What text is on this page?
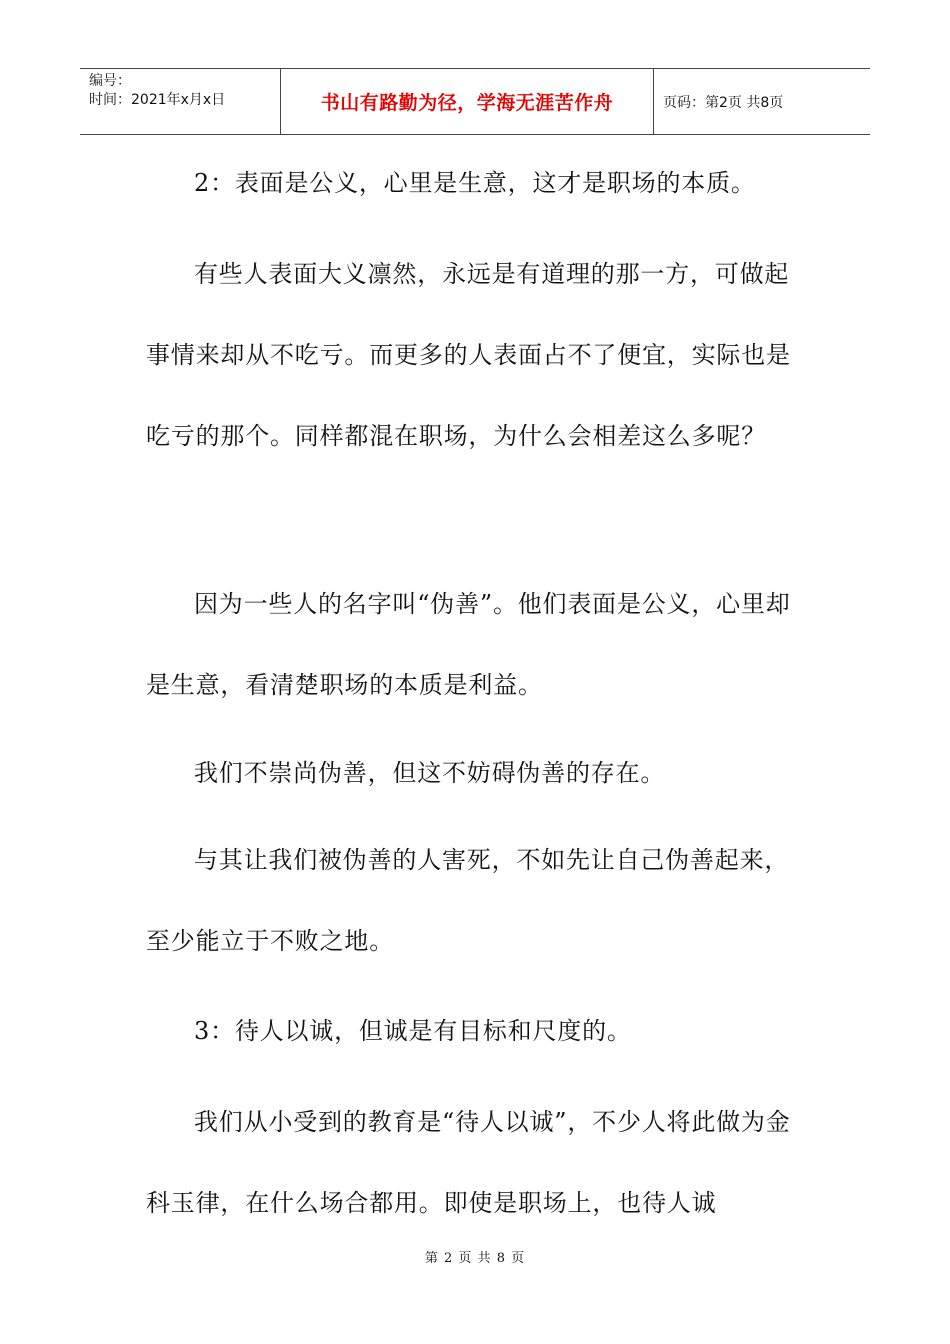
编号：
时间：2021年x月x日	书山有路勤为径，学海无涯苦作舟	页码：第2页 共8页

2：表面是公义，心里是生意，这才是职场的本质。

有些人表面大义凛然，永远是有道理的那一方，可做起事情来却从不吃亏。而更多的人表面占不了便宜，实际也是吃亏的那个。同样都混在职场，为什么会相差这么多呢？

因为一些人的名字叫“伪善”。他们表面是公义，心里却是生意，看清楚职场的本质是利益。

我们不崇尚伪善，但这不妨碍伪善的存在。

与其让我们被伪善的人害死，不如先让自己伪善起来，至少能立于不败之地。

3：待人以诚，但诚是有目标和尺度的。

我们从小受到的教育是“待人以诚”，不少人将此做为金科玉律，在什么场合都用。即使是职场上，也待人诚

第 2 页 共 8 页
